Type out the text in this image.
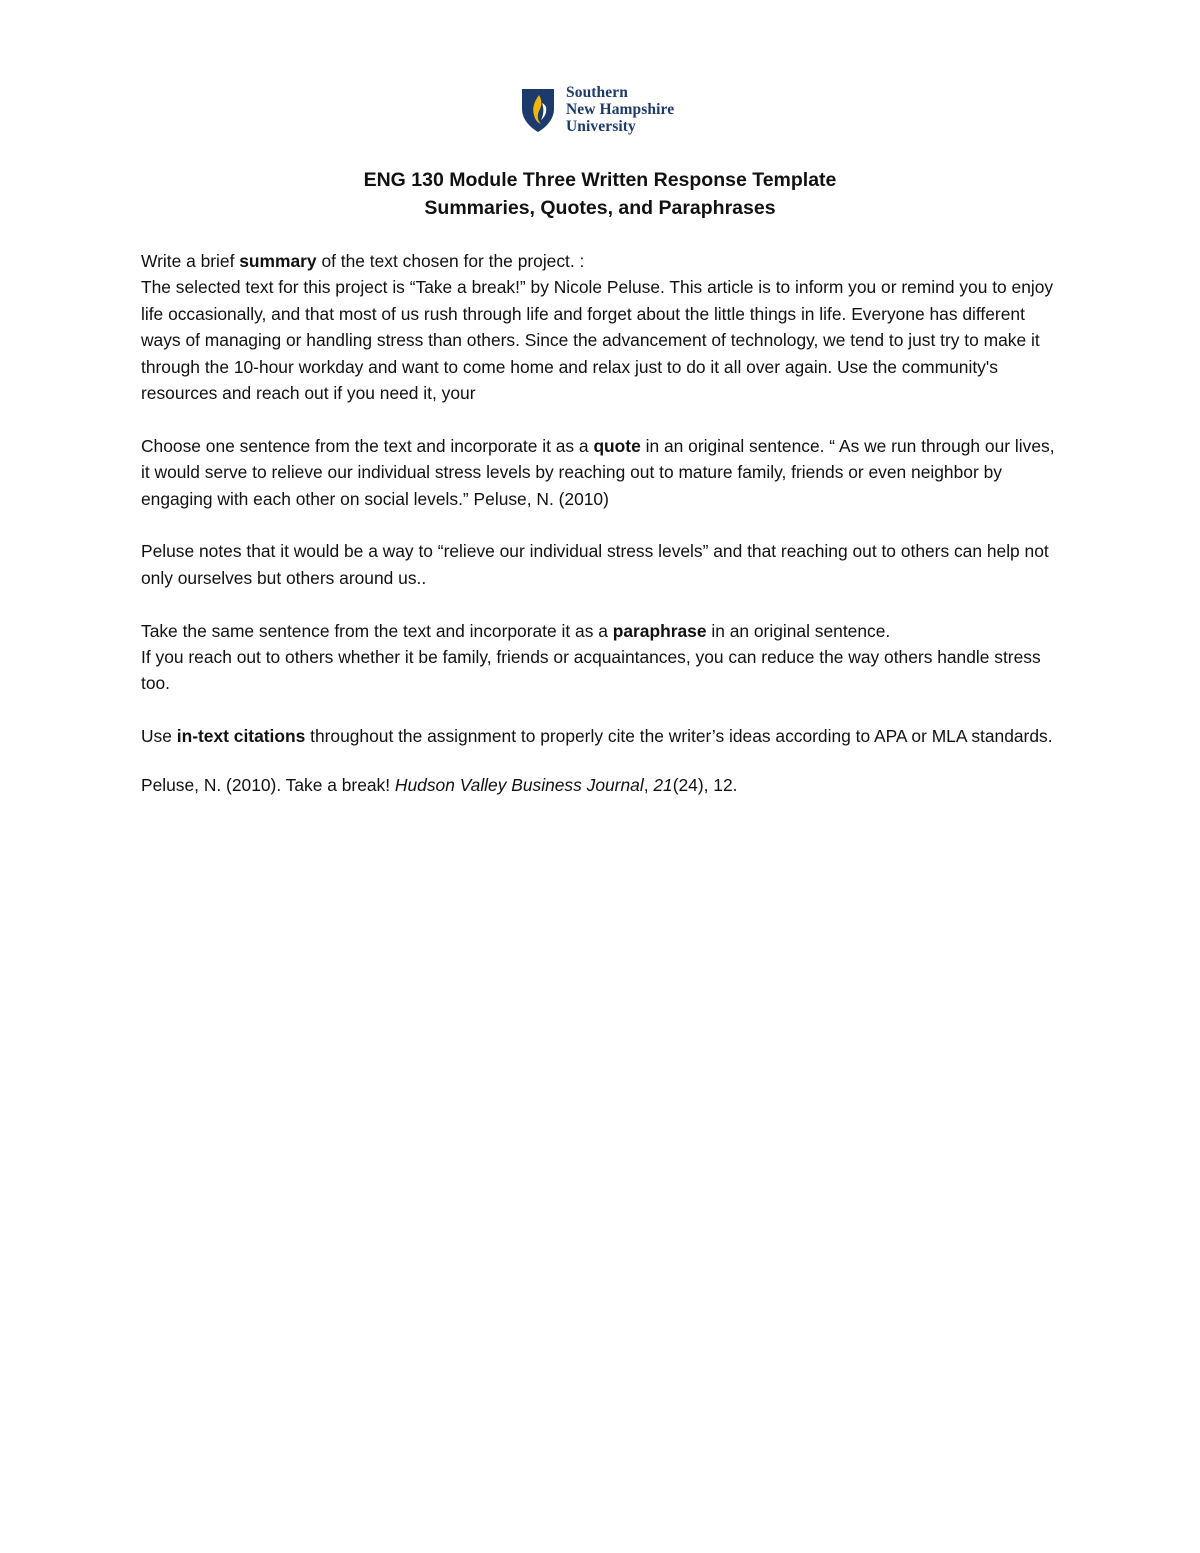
Southern
New Hampshire
University
ENG 130 Module Three Written Response Template
Summaries, Quotes, and Paraphrases

Write a brief summary of the text chosen for the project. :

The selected text for this project is “Take a break!” by Nicole Peluse. This article is to inform you or remind you to enjoy life occasionally, and that most of us rush through life and forget about the little things in life. Everyone has different ways of managing or handling stress than others. Since the advancement of technology, we tend to just try to make it through the 10-hour workday and want to come home and relax just to do it all over again. Use the community's resources and reach out if you need it, your

Choose one sentence from the text and incorporate it as a quote in an original sentence. “ As we run through our lives, it would serve to relieve our individual stress levels by reaching out to mature family, friends or even neighbor by engaging with each other on social levels.” Peluse, N. (2010)

Peluse notes that it would be a way to “relieve our individual stress levels” and that reaching out to others can help not only ourselves but others around us..

Take the same sentence from the text and incorporate it as a paraphrase in an original sentence.

If you reach out to others whether it be family, friends or acquaintances, you can reduce the way others handle stress too.

Use in-text citations throughout the assignment to properly cite the writer’s ideas according to APA or MLA standards.

Peluse, N. (2010). Take a break! Hudson Valley Business Journal, 21(24), 12.
